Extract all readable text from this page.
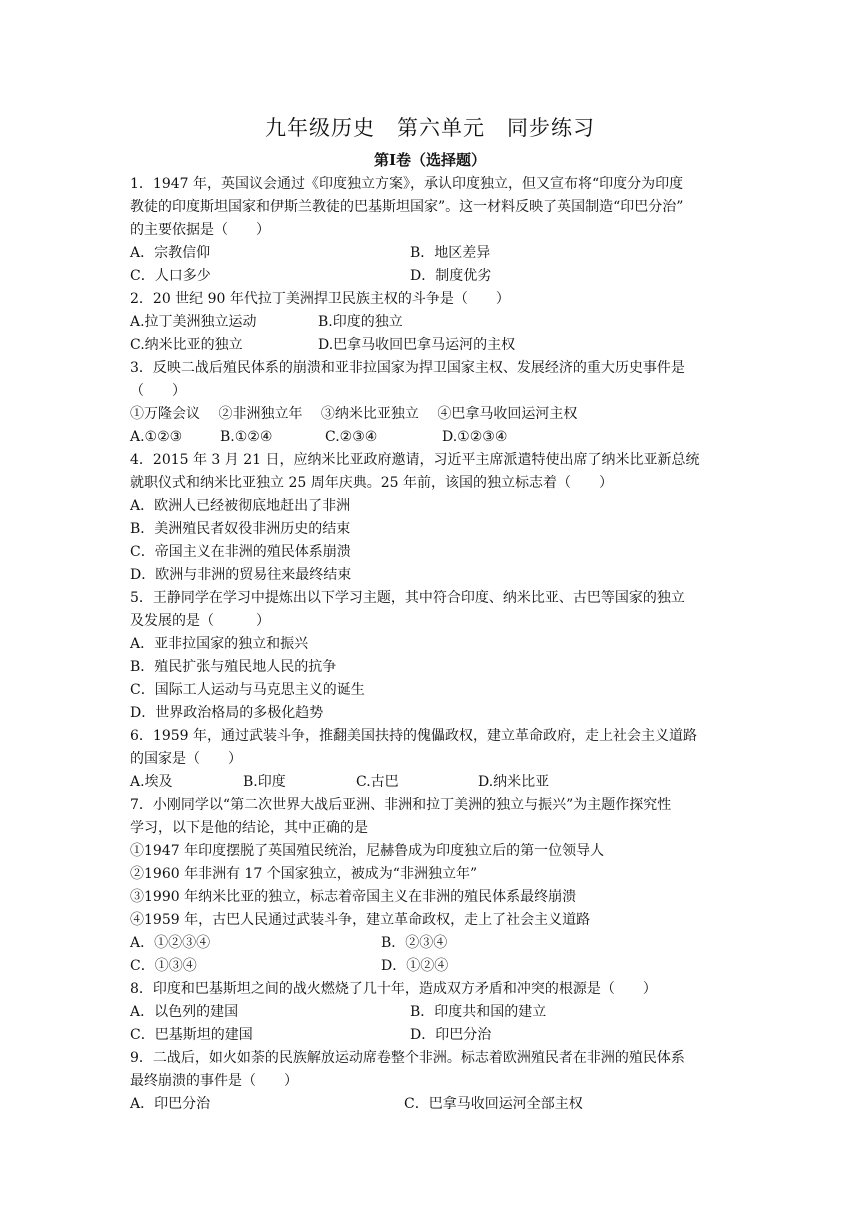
九年级历史　第六单元　同步练习
第Ⅰ卷（选择题）
1．1947 年，英国议会通过《印度独立方案》，承认印度独立，但又宣布将“印度分为印度
教徒的印度斯坦国家和伊斯兰教徒的巴基斯坦国家”。这一材料反映了英国制造“印巴分治”
的主要依据是（　　）
A．宗教信仰	B．地区差异
C．人口多少	D．制度优劣
2．20 世纪 90 年代拉丁美洲捍卫民族主权的斗争是（　　）
A.拉丁美洲独立运动	B.印度的独立
C.纳米比亚的独立	D.巴拿马收回巴拿马运河的主权
3．反映二战后殖民体系的崩溃和亚非拉国家为捍卫国家主权、发展经济的重大历史事件是
（　　）
①万隆会议　 ②非洲独立年　 ③纳米比亚独立　 ④巴拿马收回运河主权
A.①②③	B.①②④	C.②③④	D.①②③④
4．2015 年 3 月 21 日，应纳米比亚政府邀请，习近平主席派遣特使出席了纳米比亚新总统
就职仪式和纳米比亚独立 25 周年庆典。25 年前，该国的独立标志着（　　）
A．欧洲人已经被彻底地赶出了非洲
B．美洲殖民者奴役非洲历史的结束
C．帝国主义在非洲的殖民体系崩溃
D．欧洲与非洲的贸易往来最终结束
5．王静同学在学习中提炼出以下学习主题，其中符合印度、纳米比亚、古巴等国家的独立
及发展的是（　　　）
A．亚非拉国家的独立和振兴
B．殖民扩张与殖民地人民的抗争
C．国际工人运动与马克思主义的诞生
D．世界政治格局的多极化趋势
6．1959 年，通过武装斗争，推翻美国扶持的傀儡政权，建立革命政府，走上社会主义道路
的国家是（　　）
A.埃及	B.印度	C.古巴	D.纳米比亚
7．小刚同学以“第二次世界大战后亚洲、非洲和拉丁美洲的独立与振兴”为主题作探究性
学习，以下是他的结论，其中正确的是
①1947 年印度摆脱了英国殖民统治，尼赫鲁成为印度独立后的第一位领导人
②1960 年非洲有 17 个国家独立，被成为“非洲独立年”
③1990 年纳米比亚的独立，标志着帝国主义在非洲的殖民体系最终崩溃
④1959 年，古巴人民通过武装斗争，建立革命政权，走上了社会主义道路
A．①②③④	B．②③④
C．①③④	D．①②④
8．印度和巴基斯坦之间的战火燃烧了几十年，造成双方矛盾和冲突的根源是（　　）
A．以色列的建国	B．印度共和国的建立
C．巴基斯坦的建国	D．印巴分治
9．二战后，如火如荼的民族解放运动席卷整个非洲。标志着欧洲殖民者在非洲的殖民体系
最终崩溃的事件是（　　）
A．印巴分治	C．巴拿马收回运河全部主权
